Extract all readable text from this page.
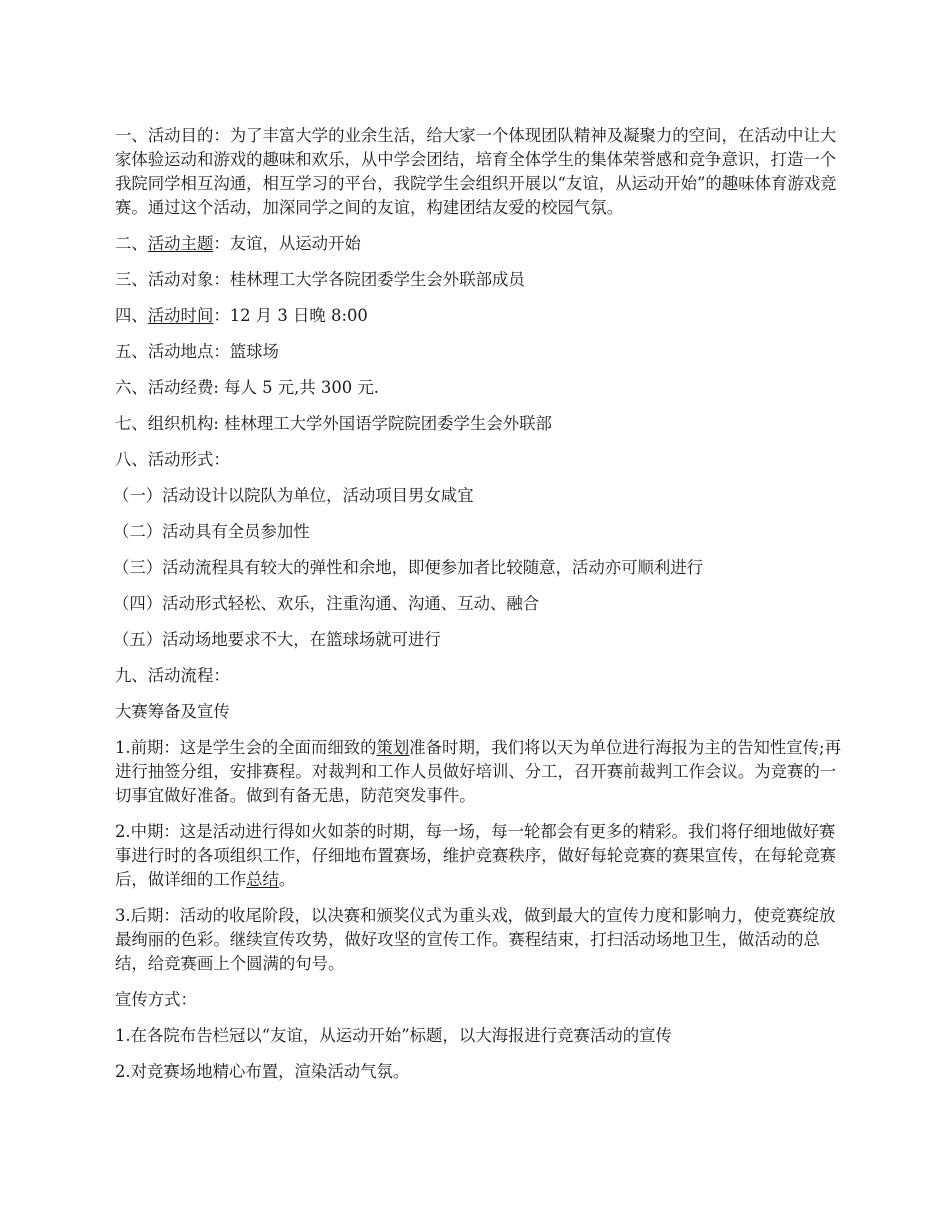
一、活动目的：为了丰富大学的业余生活，给大家一个体现团队精神及凝聚力的空间，在活动中让大家体验运动和游戏的趣味和欢乐，从中学会团结，培育全体学生的集体荣誉感和竞争意识，打造一个我院同学相互沟通，相互学习的平台，我院学生会组织开展以“友谊，从运动开始”的趣味体育游戏竞赛。通过这个活动，加深同学之间的友谊，构建团结友爱的校园气氛。

二、活动主题：友谊，从运动开始

三、活动对象：桂林理工大学各院团委学生会外联部成员

四、活动时间：12 月 3 日晚 8:00

五、活动地点：篮球场

六、活动经费: 每人 5 元,共 300 元.

七、组织机构: 桂林理工大学外国语学院院团委学生会外联部

八、活动形式：

（一）活动设计以院队为单位，活动项目男女咸宜

（二）活动具有全员参加性

（三）活动流程具有较大的弹性和余地，即便参加者比较随意，活动亦可顺利进行

（四）活动形式轻松、欢乐，注重沟通、沟通、互动、融合

（五）活动场地要求不大，在篮球场就可进行

九、活动流程：

大赛筹备及宣传

1.前期：这是学生会的全面而细致的策划准备时期，我们将以天为单位进行海报为主的告知性宣传;再进行抽签分组，安排赛程。对裁判和工作人员做好培训、分工，召开赛前裁判工作会议。为竞赛的一切事宜做好准备。做到有备无患，防范突发事件。

2.中期：这是活动进行得如火如荼的时期，每一场，每一轮都会有更多的精彩。我们将仔细地做好赛事进行时的各项组织工作，仔细地布置赛场，维护竞赛秩序，做好每轮竞赛的赛果宣传，在每轮竞赛后，做详细的工作总结。

3.后期：活动的收尾阶段，以决赛和颁奖仪式为重头戏，做到最大的宣传力度和影响力，使竞赛绽放最绚丽的色彩。继续宣传攻势，做好攻坚的宣传工作。赛程结束，打扫活动场地卫生，做活动的总结，给竞赛画上个圆满的句号。

宣传方式：

1.在各院布告栏冠以“友谊，从运动开始”标题，以大海报进行竞赛活动的宣传

2.对竞赛场地精心布置，渲染活动气氛。
